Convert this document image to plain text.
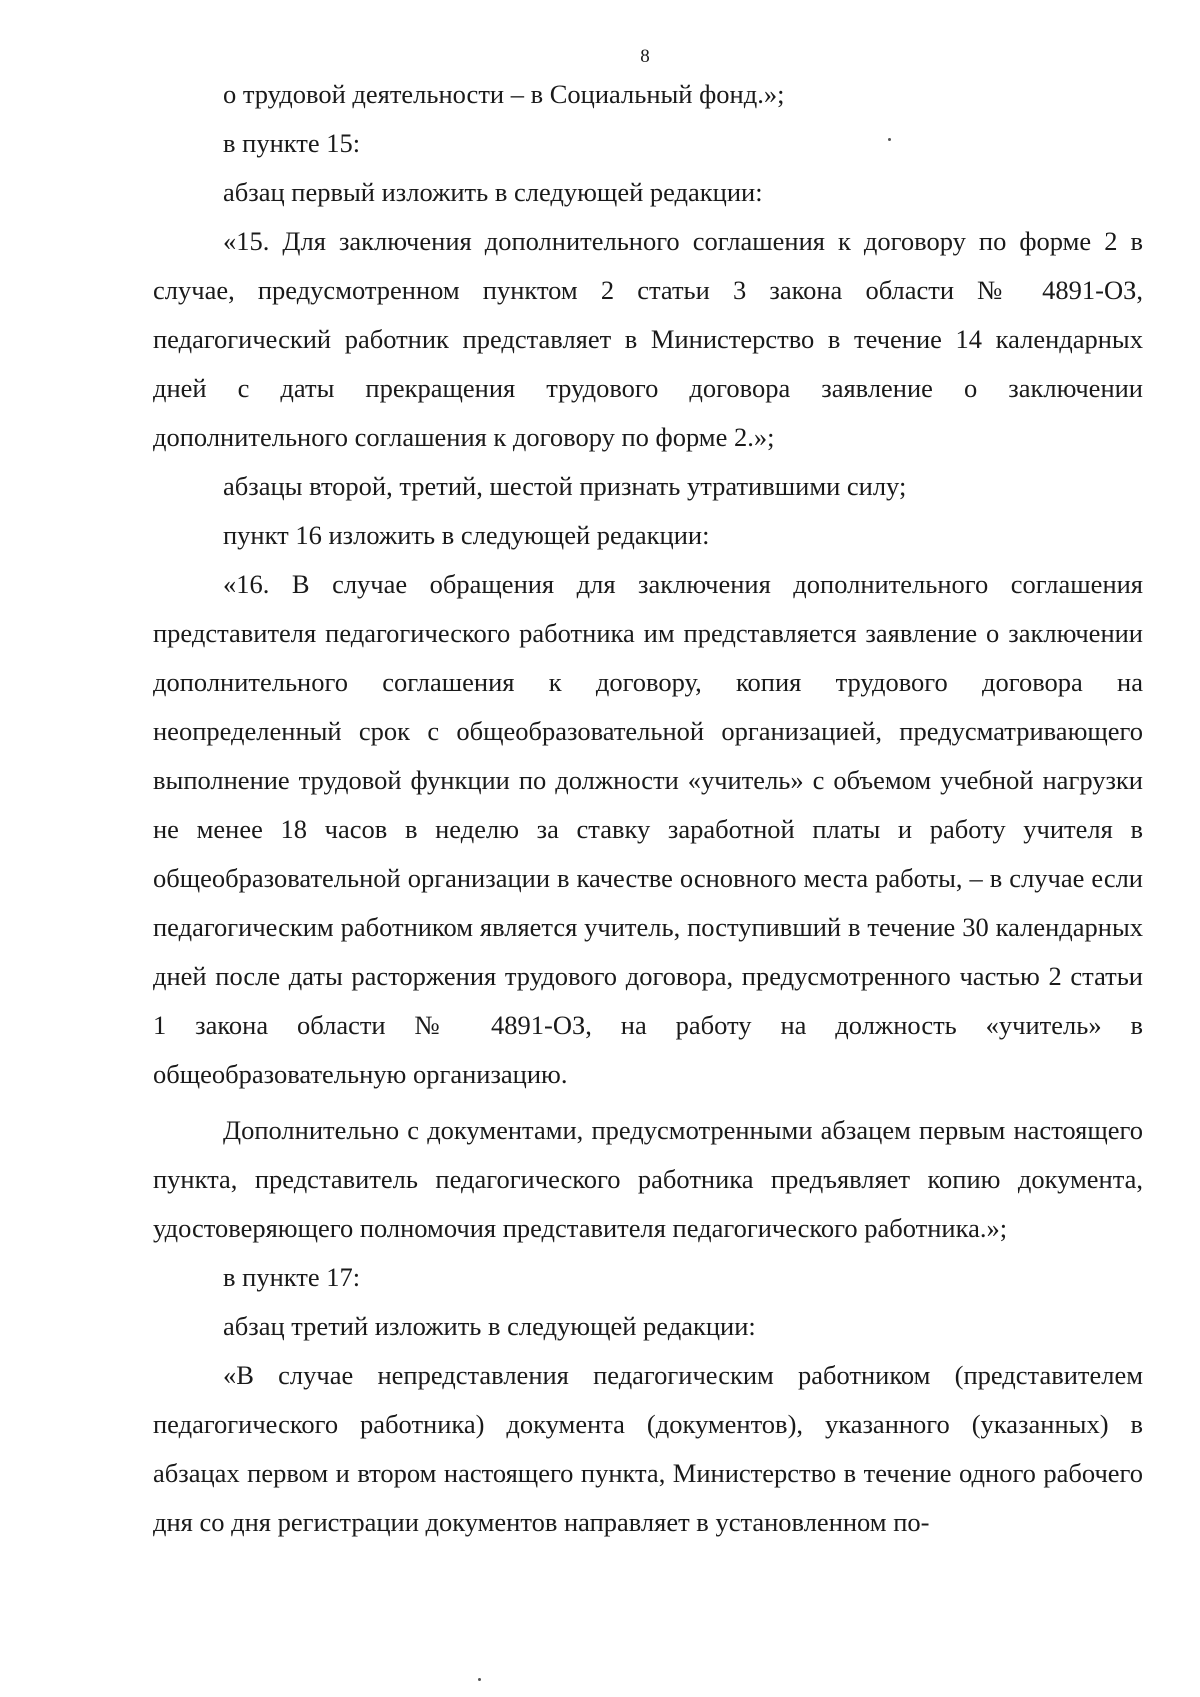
8

о трудовой деятельности – в Социальный фонд.»;

в пункте 15:

абзац первый изложить в следующей редакции:

«15. Для заключения дополнительного соглашения к договору по форме 2 в случае, предусмотренном пунктом 2 статьи 3 закона области № 4891-ОЗ, педагогический работник представляет в Министерство в течение 14 календарных дней с даты прекращения трудового договора заявление о заключении дополнительного соглашения к договору по форме 2.»;

абзацы второй, третий, шестой признать утратившими силу;

пункт 16 изложить в следующей редакции:

«16. В случае обращения для заключения дополнительного соглашения представителя педагогического работника им представляется заявление о заключении дополнительного соглашения к договору, копия трудового договора на неопределенный срок с общеобразовательной организацией, предусматривающего выполнение трудовой функции по должности «учитель» с объемом учебной нагрузки не менее 18 часов в неделю за ставку заработной платы и работу учителя в общеобразовательной организации в качестве основного места работы, – в случае если педагогическим работником является учитель, поступивший в течение 30 календарных дней после даты расторжения трудового договора, предусмотренного частью 2 статьи 1 закона области № 4891-ОЗ, на работу на должность «учитель» в общеобразовательную организацию.

Дополнительно с документами, предусмотренными абзацем первым настоящего пункта, представитель педагогического работника предъявляет копию документа, удостоверяющего полномочия представителя педагогического работника.»;

в пункте 17:

абзац третий изложить в следующей редакции:

«В случае непредставления педагогическим работником (представителем педагогического работника) документа (документов), указанного (указанных) в абзацах первом и втором настоящего пункта, Министерство в течение одного рабочего дня со дня регистрации документов направляет в установленном по-
